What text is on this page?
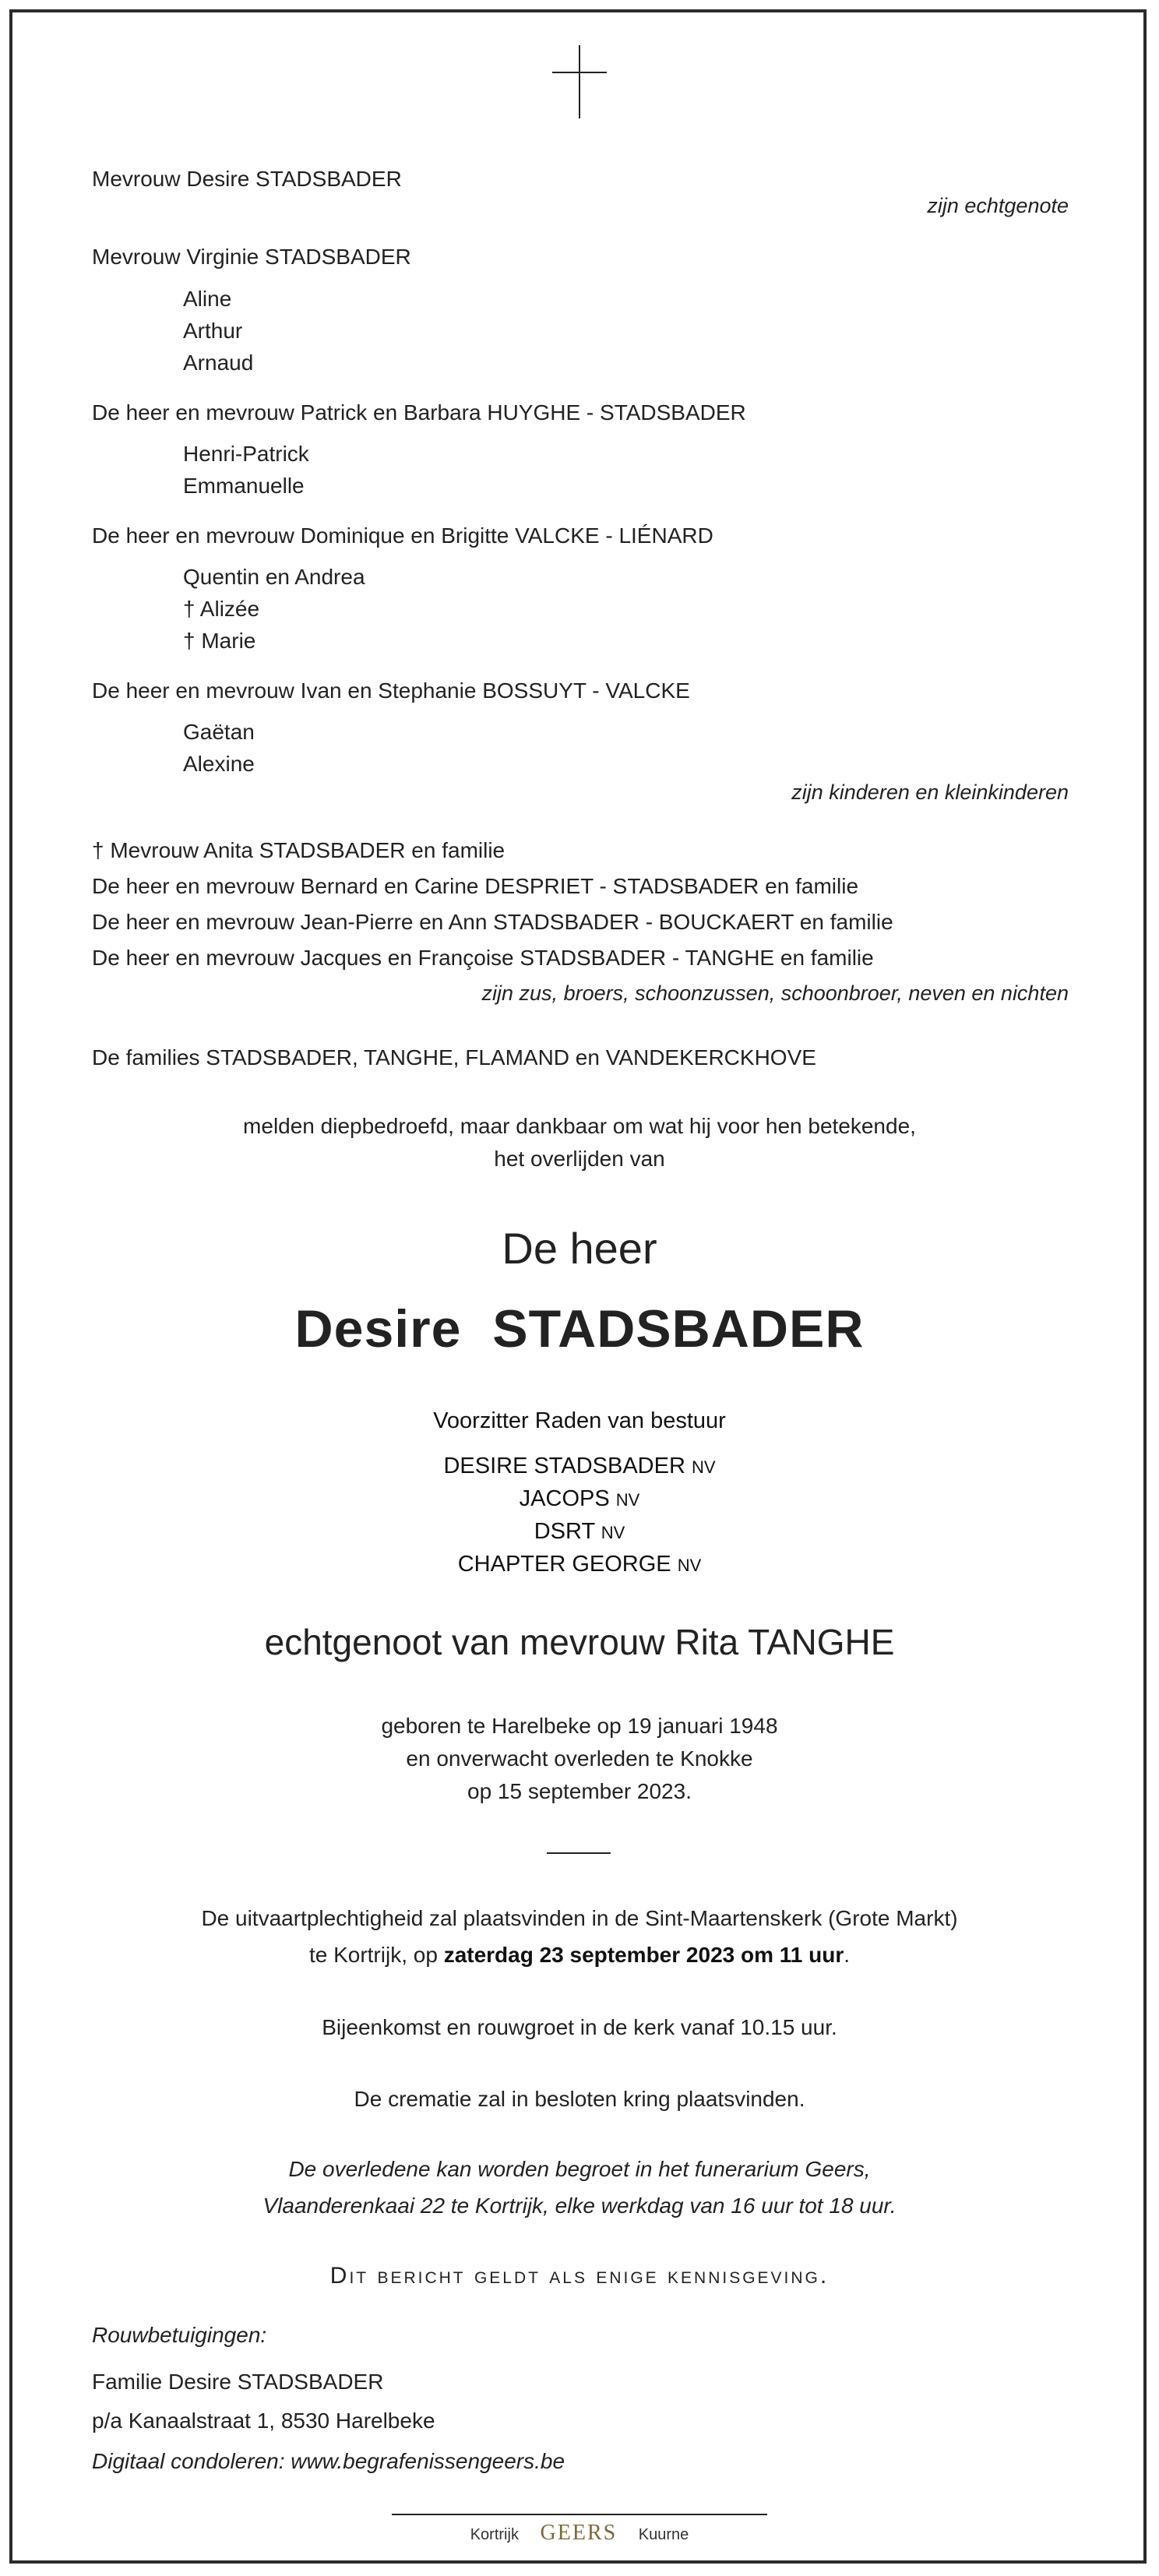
Mevrouw Desire STADSBADER
zijn echtgenote
Mevrouw Virginie STADSBADER
Aline
Arthur
Arnaud
De heer en mevrouw Patrick en Barbara HUYGHE - STADSBADER
Henri-Patrick
Emmanuelle
De heer en mevrouw Dominique en Brigitte VALCKE - LIÉNARD
Quentin en Andrea
† Alizée
† Marie
De heer en mevrouw Ivan en Stephanie BOSSUYT - VALCKE
Gaëtan
Alexine
zijn kinderen en kleinkinderen
† Mevrouw Anita STADSBADER en familie
De heer en mevrouw Bernard en Carine DESPRIET - STADSBADER en familie
De heer en mevrouw Jean-Pierre en Ann STADSBADER - BOUCKAERT en familie
De heer en mevrouw Jacques en Françoise STADSBADER - TANGHE en familie
zijn zus, broers, schoonzussen, schoonbroer, neven en nichten
De families STADSBADER, TANGHE, FLAMAND en VANDEKERCKHOVE
melden diepbedroefd, maar dankbaar om wat hij voor hen betekende,
het overlijden van
De heer
Desire  STADSBADER
Voorzitter Raden van bestuur
DESIRE STADSBADER NV
JACOPS NV
DSRT NV
CHAPTER GEORGE NV
echtgenoot van mevrouw Rita TANGHE
geboren te Harelbeke op 19 januari 1948
en onverwacht overleden te Knokke
op 15 september 2023.
De uitvaartplechtigheid zal plaatsvinden in de Sint-Maartenskerk (Grote Markt)
te Kortrijk, op zaterdag 23 september 2023 om 11 uur.
Bijeenkomst en rouwgroet in de kerk vanaf 10.15 uur.
De crematie zal in besloten kring plaatsvinden.
De overledene kan worden begroet in het funerarium Geers,
Vlaanderenkaai 22 te Kortrijk, elke werkdag van 16 uur tot 18 uur.
Dit bericht geldt als enige kennisgeving.
Rouwbetuigingen:
Familie Desire STADSBADER
p/a Kanaalstraat 1, 8530 Harelbeke
Digitaal condoleren: www.begrafenissengeers.be
Kortrijk GEERS Kuurne
